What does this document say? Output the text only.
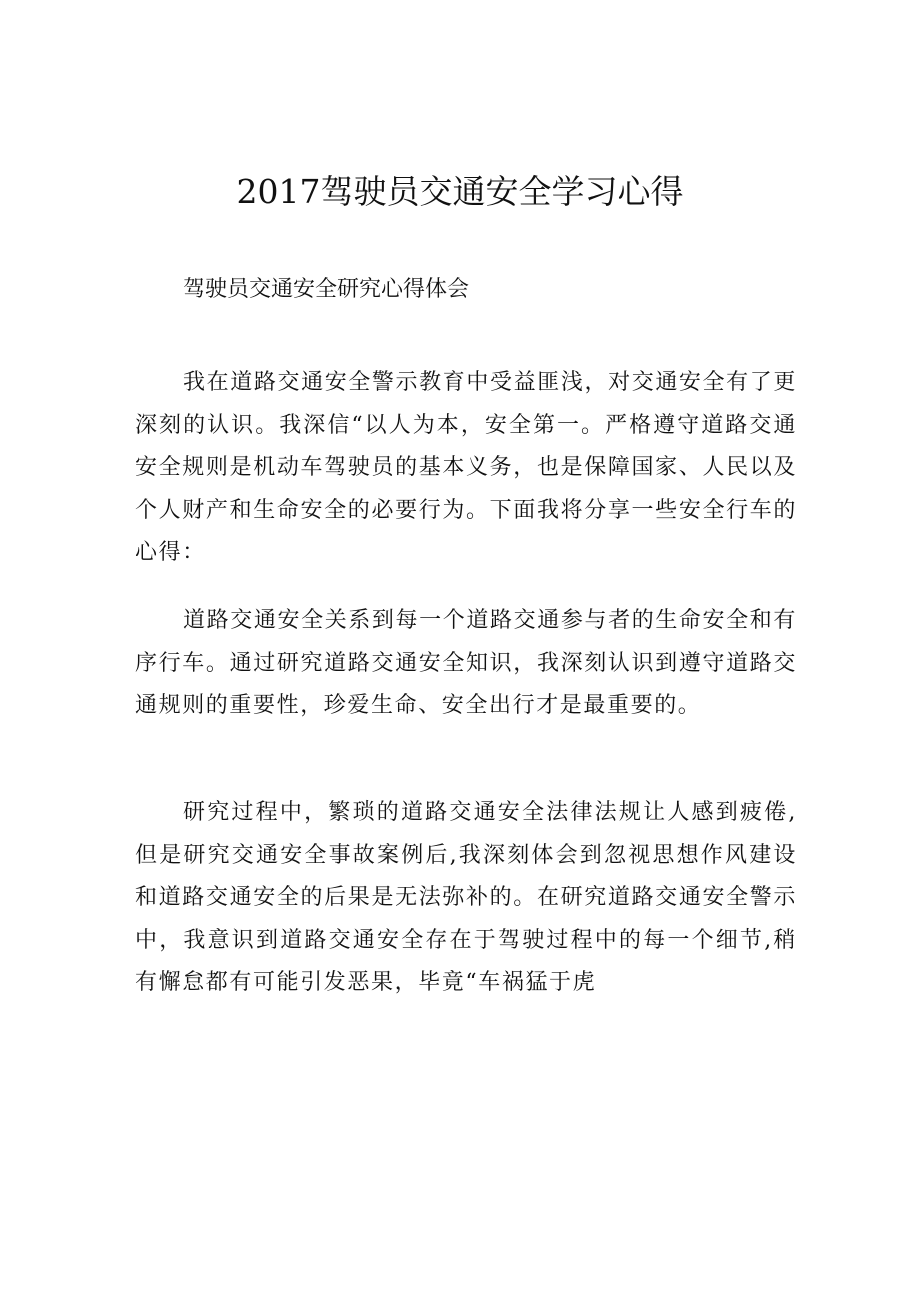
2017驾驶员交通安全学习心得

驾驶员交通安全研究心得体会

我在道路交通安全警示教育中受益匪浅，对交通安全有了更深刻的认识。我深信“以人为本，安全第一。严格遵守道路交通安全规则是机动车驾驶员的基本义务，也是保障国家、人民以及个人财产和生命安全的必要行为。下面我将分享一些安全行车的心得：

道路交通安全关系到每一个道路交通参与者的生命安全和有序行车。通过研究道路交通安全知识，我深刻认识到遵守道路交通规则的重要性，珍爱生命、安全出行才是最重要的。

研究过程中，繁琐的道路交通安全法律法规让人感到疲倦,但是研究交通安全事故案例后,我深刻体会到忽视思想作风建设和道路交通安全的后果是无法弥补的。在研究道路交通安全警示中，我意识到道路交通安全存在于驾驶过程中的每一个细节,稍有懈怠都有可能引发恶果，毕竟“车祸猛于虎
